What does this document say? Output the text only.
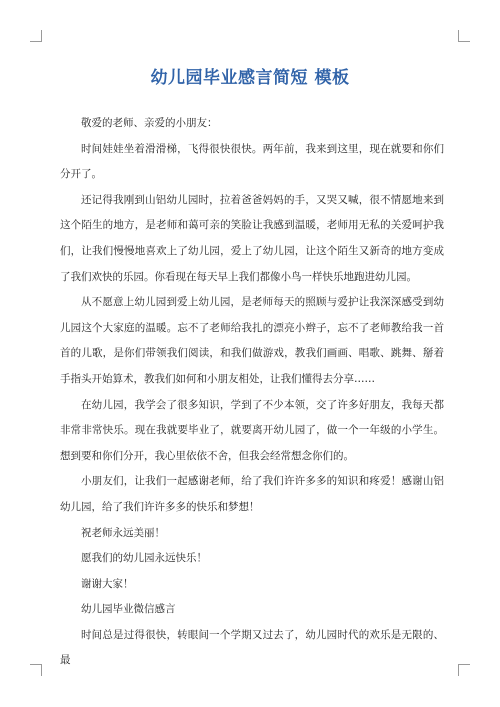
幼儿园毕业感言简短 模板

敬爱的老师、亲爱的小朋友：

时间娃娃坐着滑滑梯，飞得很快很快。两年前，我来到这里，现在就要和你们分开了。

还记得我刚到山铝幼儿园时，拉着爸爸妈妈的手，又哭又喊，很不情愿地来到这个陌生的地方，是老师和蔼可亲的笑脸让我感到温暖，老师用无私的关爱呵护我们，让我们慢慢地喜欢上了幼儿园，爱上了幼儿园，让这个陌生又新奇的地方变成了我们欢快的乐园。你看现在每天早上我们都像小鸟一样快乐地跑进幼儿园。

从不愿意上幼儿园到爱上幼儿园，是老师每天的照顾与爱护让我深深感受到幼儿园这个大家庭的温暖。忘不了老师给我扎的漂亮小辫子，忘不了老师教给我一首首的儿歌，是你们带领我们阅读，和我们做游戏，教我们画画、唱歌、跳舞、掰着手指头开始算术，教我们如何和小朋友相处，让我们懂得去分享……

在幼儿园，我学会了很多知识，学到了不少本领，交了许多好朋友，我每天都非常非常快乐。现在我就要毕业了，就要离开幼儿园了，做一个一年级的小学生。想到要和你们分开，我心里依依不舍，但我会经常想念你们的。

小朋友们，让我们一起感谢老师，给了我们许许多多的知识和疼爱！感谢山铝幼儿园，给了我们许许多多的快乐和梦想！

祝老师永远美丽！

愿我们的幼儿园永远快乐！

谢谢大家！

幼儿园毕业微信感言

时间总是过得很快，转眼间一个学期又过去了，幼儿园时代的欢乐是无限的、最
